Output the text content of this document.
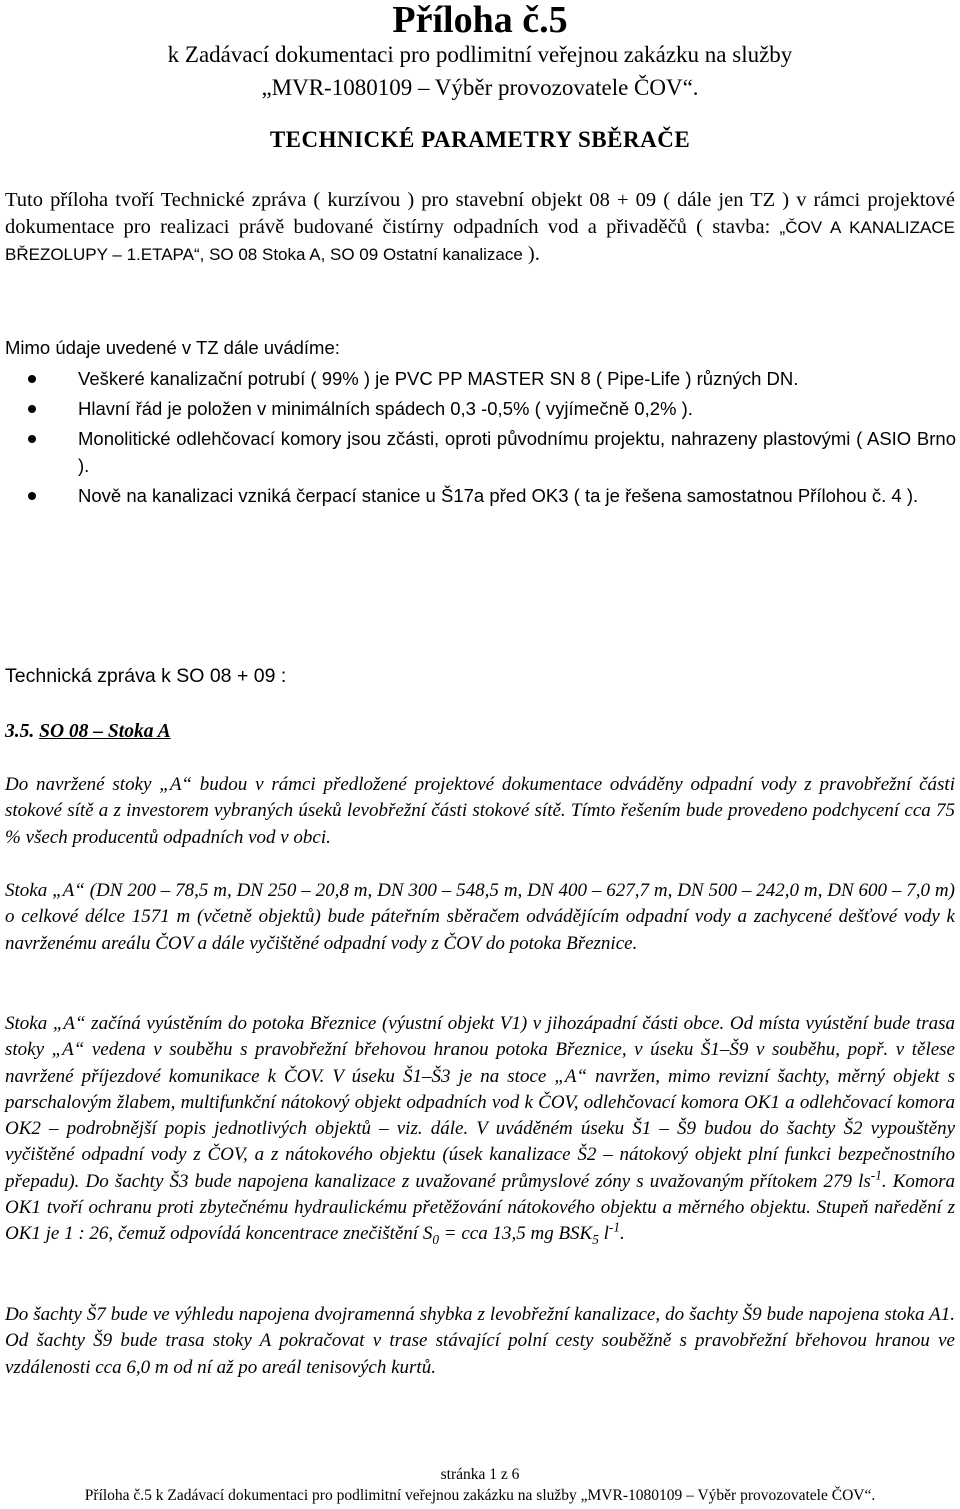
Příloha č.5
k Zadávací dokumentaci pro podlimitní veřejnou zakázku na služby
„MVR-1080109 – Výběr provozovatele ČOV“.
TECHNICKÉ PARAMETRY SBĚRAČE
Tuto příloha tvoří Technické zpráva ( kurzívou ) pro stavební objekt 08 + 09 ( dále jen TZ ) v rámci projektové dokumentace pro realizaci právě budované čistírny odpadních vod a přivaděčů ( stavba: „ČOV A KANALIZACE BŘEZOLUPY – 1.ETAPA“, SO 08 Stoka A, SO 09 Ostatní kanalizace ).
Mimo údaje uvedené v TZ dále uvádíme:
Veškeré kanalizační potrubí ( 99% ) je PVC PP MASTER SN 8 ( Pipe-Life ) různých DN.
Hlavní řád je položen v minimálních spádech 0,3 -0,5% ( vyjímečně 0,2% ).
Monolitické odlehčovací komory jsou zčásti, oproti původnímu projektu, nahrazeny plastovými ( ASIO Brno ).
Nově na kanalizaci vzniká čerpací stanice u Š17a před OK3 ( ta je řešena samostatnou Přílohou č. 4 ).
Technická zpráva k SO 08 + 09 :
3.5. SO 08 – Stoka A
Do navržené stoky „A“ budou v rámci předložené projektové dokumentace odváděny odpadní vody z pravobřežní části stokové sítě a z investorem vybraných úseků levobřežní části stokové sítě. Tímto řešením bude provedeno podchycení cca 75 % všech producentů odpadních vod v obci.
Stoka „A“ (DN 200 – 78,5 m, DN 250 – 20,8 m, DN 300 – 548,5 m, DN 400 – 627,7 m, DN 500 – 242,0 m, DN 600 – 7,0 m) o celkové délce 1571 m (včetně objektů) bude páteřním sběračem odvádějícím odpadní vody a zachycené dešťové vody k navrženému areálu ČOV a dále vyčištěné odpadní vody z ČOV do potoka Březnice.
Stoka „A“ začíná vyústěním do potoka Březnice (výustní objekt V1) v jihozápadní části obce. Od místa vyústění bude trasa stoky „A“ vedena v souběhu s pravobřežní břehovou hranou potoka Březnice, v úseku Š1–Š9 v souběhu, popř. v tělese navržené příjezdové komunikace k ČOV. V úseku Š1–Š3 je na stoce „A“ navržen, mimo revizní šachty, měrný objekt s parschalovým žlabem, multifunkční nátokový objekt odpadních vod k ČOV, odlehčovací komora OK1 a odlehčovací komora OK2 – podrobnější popis jednotlivých objektů – viz. dále. V uváděném úseku Š1 – Š9 budou do šachty Š2 vypouštěny vyčištěné odpadní vody z ČOV, a z nátokového objektu (úsek kanalizace Š2 – nátokový objekt plní funkci bezpečnostního přepadu). Do šachty Š3 bude napojena kanalizace z uvažované průmyslové zóny s uvažovaným přítokem 279 $ls^{-1}$. Komora OK1 tvoří ochranu proti zbytečnému hydraulickému přetěžování nátokového objektu a měrného objektu. Stupeň naředění z OK1 je 1 : 26, čemuž odpovídá koncentrace znečištění $S_0$ = cca 13,5 mg $BSK_5$ $l^{-1}$.
Do šachty Š7 bude ve výhledu napojena dvojramenná shybka z levobřežní kanalizace, do šachty Š9 bude napojena stoka A1. Od šachty Š9 bude trasa stoky A pokračovat v trase stávající polní cesty souběžně s pravobřežní břehovou hranou ve vzdálenosti cca 6,0 m od ní až po areál tenisových kurtů.
stránka 1 z 6
Příloha č.5 k Zadávací dokumentaci pro podlimitní veřejnou zakázku na služby „MVR-1080109 – Výběr provozovatele ČOV“.
